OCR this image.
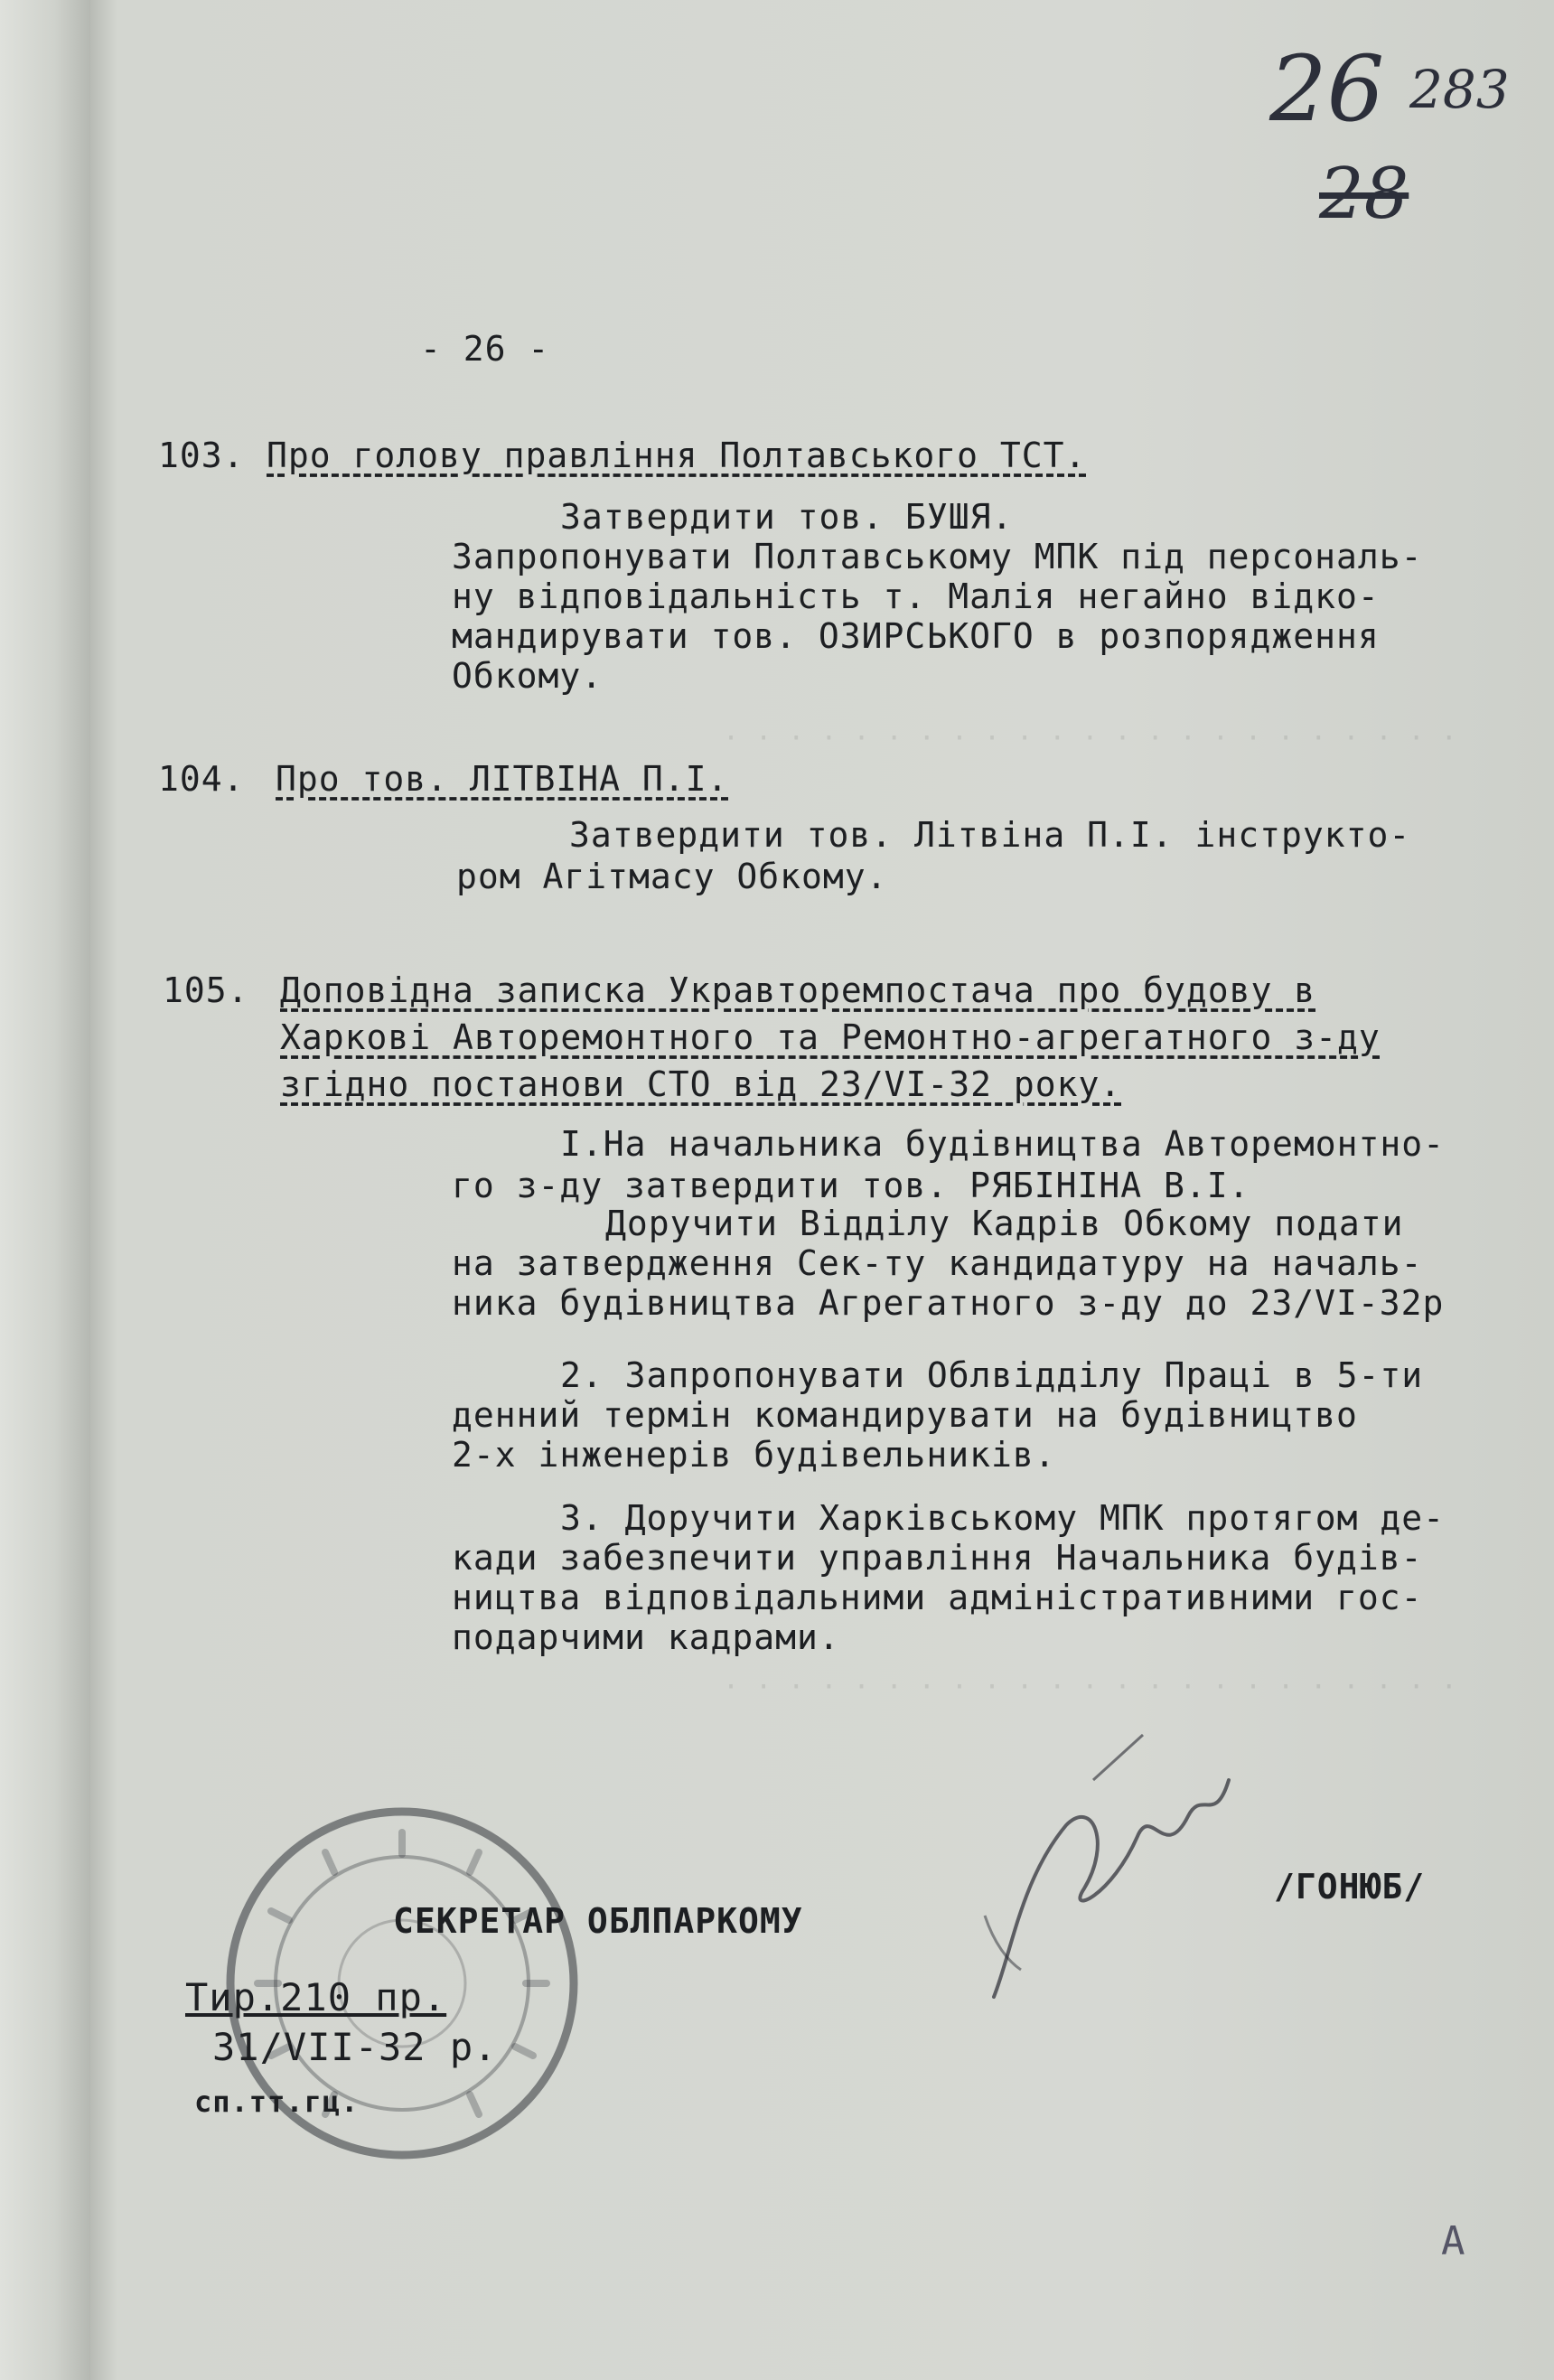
· · · · · · · · · · · · · · · · · · · · · · ·
· · · · · · · · · · · · · · · · · · · · · · ·
26 283
28
- 26 -
103. Про голову правління Полтавського ТСТ.
Затвердити тов. БУШЯ.
Запропонувати Полтавському МПК під персональ-
ну відповідальність т. Малія негайно відко-
мандирувати тов. ОЗИРСЬКОГО в розпорядження
Обкому.
104. Про тов. ЛІТВІНА П.І.
Затвердити тов. Літвіна П.І. інструкто-
ром Агітмасу Обкому.
105. Доповідна записка Укравторемпостача про будову в
Харкові Авторемонтного та Ремонтно-агрегатного з-ду
згідно постанови СТО від 23/VI-32 року.
I.На начальника будівництва Авторемонтно-
го з-ду затвердити тов. РЯБІНІНА В.І.
Доручити Відділу Кадрів Обкому подати
на затвердження Сек-ту кандидатуру на началь-
ника будівництва Агрегатного з-ду до 23/VI-32р
2. Запропонувати Облвідділу Праці в 5-ти
денний термін командирувати на будівництво
2-х інженерів будівельників.
3. Доручити Харківському МПК протягом де-
кади забезпечити управління Начальника будів-
ництва відповідальними адміністративними гос-
подарчими кадрами.
СЕКРЕТАР ОБЛПАРКОМУ
/ГОНЮБ/
Тир.210 пр.
31/VII-32 р.
сп.тт.гц.
А
